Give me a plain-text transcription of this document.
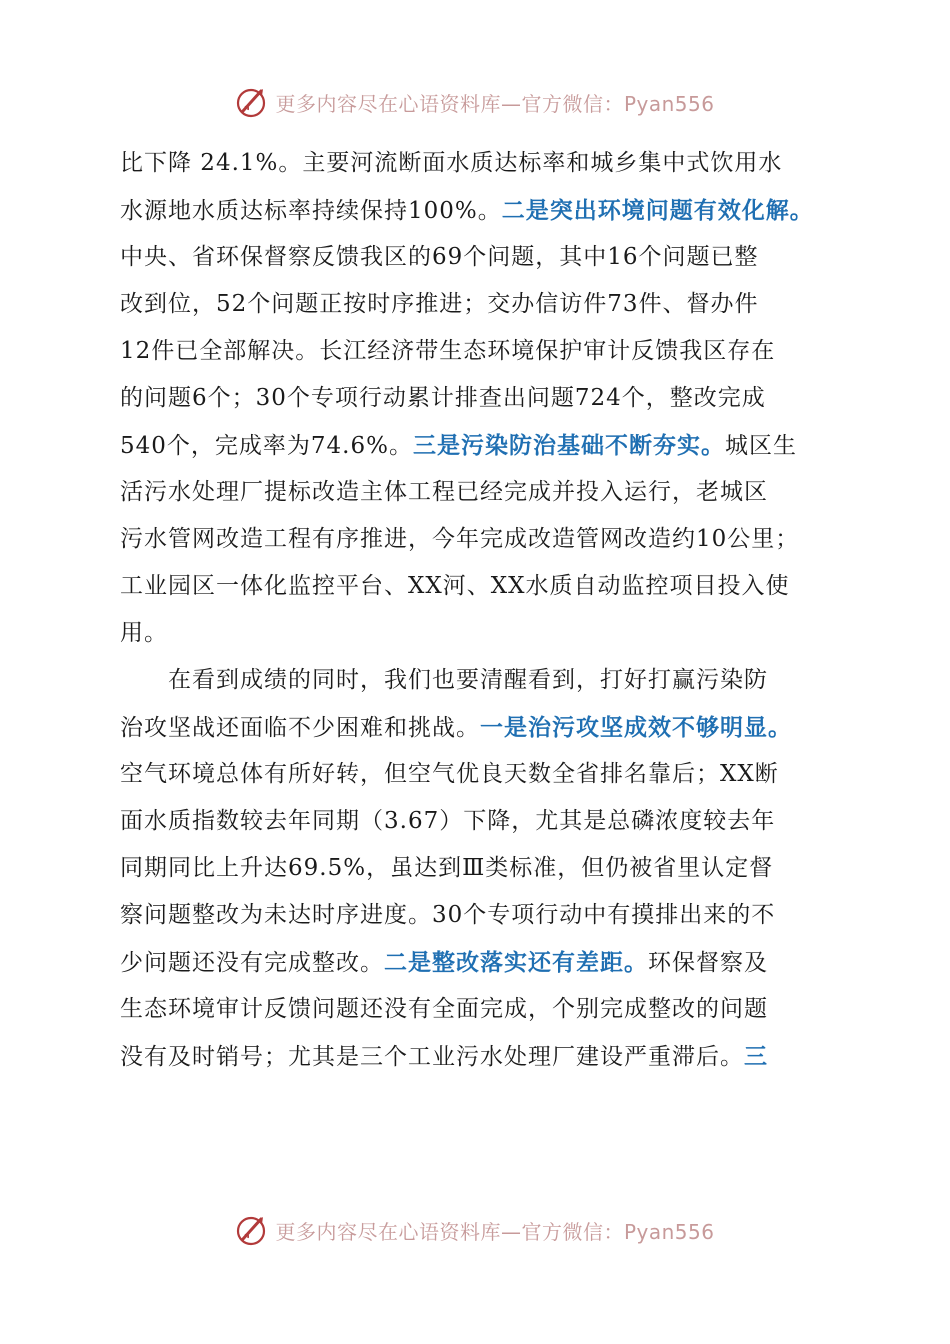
更多内容尽在心语资料库—官方微信：Pyan556
比下降 24.1%。主要河流断面水质达标率和城乡集中式饮用水
水源地水质达标率持续保持100%。二是突出环境问题有效化解。
中央、省环保督察反馈我区的69个问题，其中16个问题已整
改到位，52个问题正按时序推进；交办信访件73件、督办件
12件已全部解决。长江经济带生态环境保护审计反馈我区存在
的问题6个；30个专项行动累计排查出问题724个，整改完成
540个，完成率为74.6%。三是污染防治基础不断夯实。城区生
活污水处理厂提标改造主体工程已经完成并投入运行，老城区
污水管网改造工程有序推进，今年完成改造管网改造约10公里；
工业园区一体化监控平台、XX河、XX水质自动监控项目投入使
用。
在看到成绩的同时，我们也要清醒看到，打好打赢污染防
治攻坚战还面临不少困难和挑战。一是治污攻坚成效不够明显。
空气环境总体有所好转，但空气优良天数全省排名靠后；XX断
面水质指数较去年同期（3.67）下降，尤其是总磷浓度较去年
同期同比上升达69.5%，虽达到Ⅲ类标准，但仍被省里认定督
察问题整改为未达时序进度。30个专项行动中有摸排出来的不
少问题还没有完成整改。二是整改落实还有差距。环保督察及
生态环境审计反馈问题还没有全面完成，个别完成整改的问题
没有及时销号；尤其是三个工业污水处理厂建设严重滞后。三
更多内容尽在心语资料库—官方微信：Pyan556
